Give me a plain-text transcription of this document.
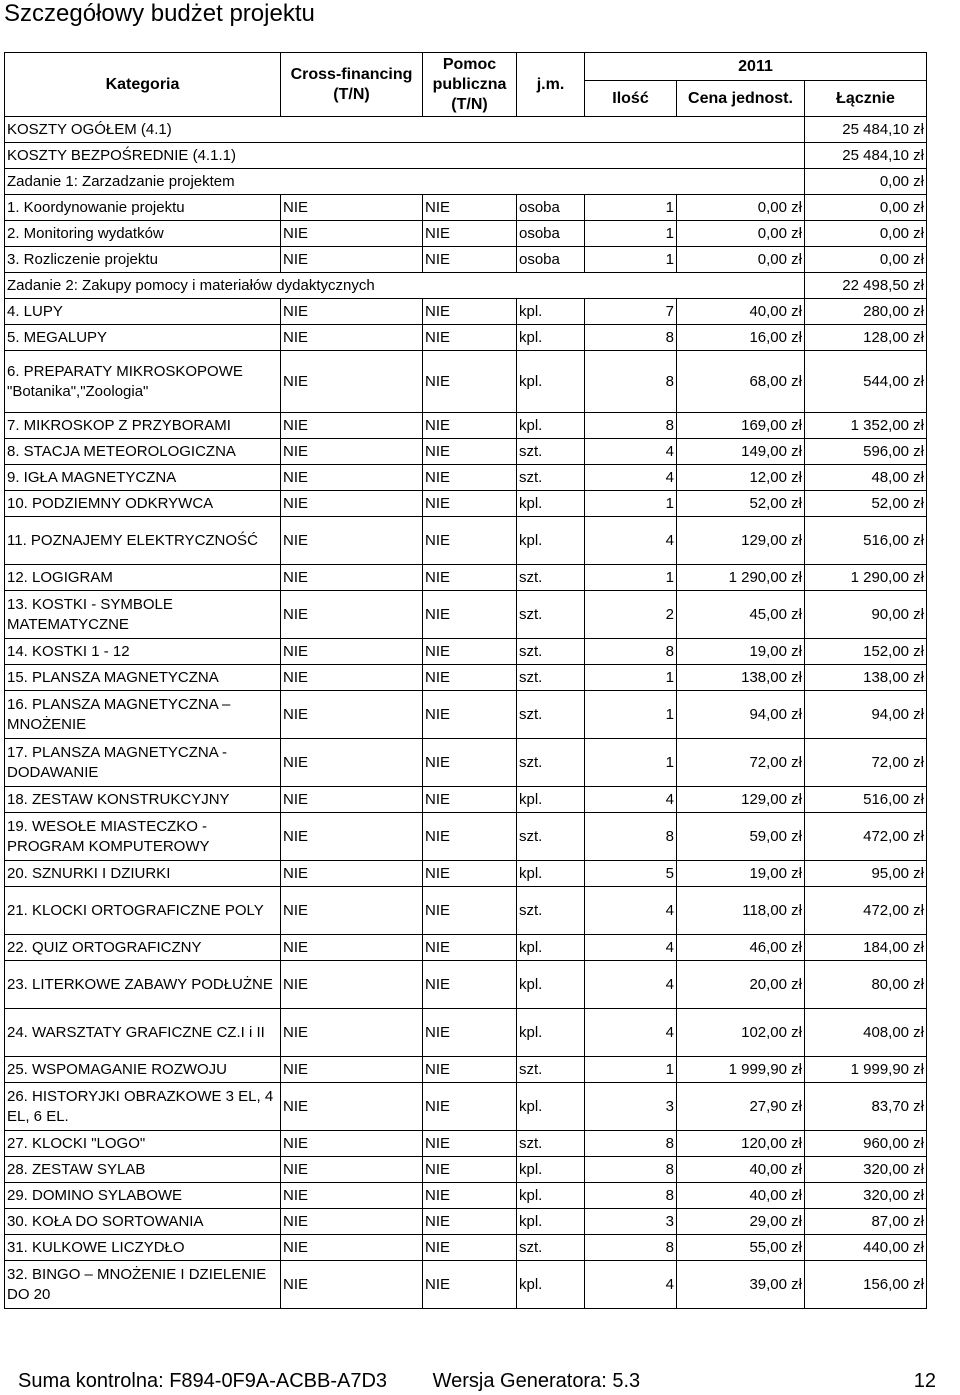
Szczegółowy budżet projektu
Kategoria	Cross-financing (T/N)	Pomoc publiczna (T/N)	j.m.	2011		
				Ilość	Cena jednost.	Łącznie
KOSZTY OGÓŁEM (4.1)						25 484,10 zł
KOSZTY BEZPOŚREDNIE (4.1.1)						25 484,10 zł
Zadanie 1: Zarzadzanie projektem						0,00 zł
1. Koordynowanie projektu	NIE	NIE	osoba	1	0,00 zł	0,00 zł
2. Monitoring wydatków	NIE	NIE	osoba	1	0,00 zł	0,00 zł
3. Rozliczenie projektu	NIE	NIE	osoba	1	0,00 zł	0,00 zł
Zadanie 2: Zakupy pomocy i materiałów dydaktycznych						22 498,50 zł
4. LUPY	NIE	NIE	kpl.	7	40,00 zł	280,00 zł
5. MEGALUPY	NIE	NIE	kpl.	8	16,00 zł	128,00 zł
6. PREPARATY MIKROSKOPOWE "Botanika","Zoologia"	NIE	NIE	kpl.	8	68,00 zł	544,00 zł
7. MIKROSKOP Z PRZYBORAMI	NIE	NIE	kpl.	8	169,00 zł	1 352,00 zł
8. STACJA METEOROLOGICZNA	NIE	NIE	szt.	4	149,00 zł	596,00 zł
9. IGŁA MAGNETYCZNA	NIE	NIE	szt.	4	12,00 zł	48,00 zł
10. PODZIEMNY ODKRYWCA	NIE	NIE	kpl.	1	52,00 zł	52,00 zł
11. POZNAJEMY ELEKTRYCZNOŚĆ	NIE	NIE	kpl.	4	129,00 zł	516,00 zł
12. LOGIGRAM	NIE	NIE	szt.	1	1 290,00 zł	1 290,00 zł
13. KOSTKI - SYMBOLE MATEMATYCZNE	NIE	NIE	szt.	2	45,00 zł	90,00 zł
14. KOSTKI 1 - 12	NIE	NIE	szt.	8	19,00 zł	152,00 zł
15. PLANSZA MAGNETYCZNA	NIE	NIE	szt.	1	138,00 zł	138,00 zł
16. PLANSZA MAGNETYCZNA – MNOŻENIE	NIE	NIE	szt.	1	94,00 zł	94,00 zł
17. PLANSZA MAGNETYCZNA - DODAWANIE	NIE	NIE	szt.	1	72,00 zł	72,00 zł
18. ZESTAW KONSTRUKCYJNY	NIE	NIE	kpl.	4	129,00 zł	516,00 zł
19. WESOŁE MIASTECZKO - PROGRAM KOMPUTEROWY	NIE	NIE	szt.	8	59,00 zł	472,00 zł
20. SZNURKI I DZIURKI	NIE	NIE	kpl.	5	19,00 zł	95,00 zł
21. KLOCKI ORTOGRAFICZNE POLY	NIE	NIE	szt.	4	118,00 zł	472,00 zł
22. QUIZ ORTOGRAFICZNY	NIE	NIE	kpl.	4	46,00 zł	184,00 zł
23. LITERKOWE ZABAWY PODŁUŻNE	NIE	NIE	kpl.	4	20,00 zł	80,00 zł
24. WARSZTATY GRAFICZNE CZ.I i II	NIE	NIE	kpl.	4	102,00 zł	408,00 zł
25. WSPOMAGANIE ROZWOJU	NIE	NIE	szt.	1	1 999,90 zł	1 999,90 zł
26. HISTORYJKI OBRAZKOWE 3 EL, 4 EL, 6 EL.	NIE	NIE	kpl.	3	27,90 zł	83,70 zł
27. KLOCKI "LOGO"	NIE	NIE	szt.	8	120,00 zł	960,00 zł
28. ZESTAW SYLAB	NIE	NIE	kpl.	8	40,00 zł	320,00 zł
29. DOMINO SYLABOWE	NIE	NIE	kpl.	8	40,00 zł	320,00 zł
30. KOŁA DO SORTOWANIA	NIE	NIE	kpl.	3	29,00 zł	87,00 zł
31. KULKOWE LICZYDŁO	NIE	NIE	szt.	8	55,00 zł	440,00 zł
32. BINGO – MNOŻENIE I DZIELENIE DO 20	NIE	NIE	kpl.	4	39,00 zł	156,00 zł
Suma kontrolna: F894-0F9A-ACBB-A7D3 Wersja Generatora: 5.3	12
